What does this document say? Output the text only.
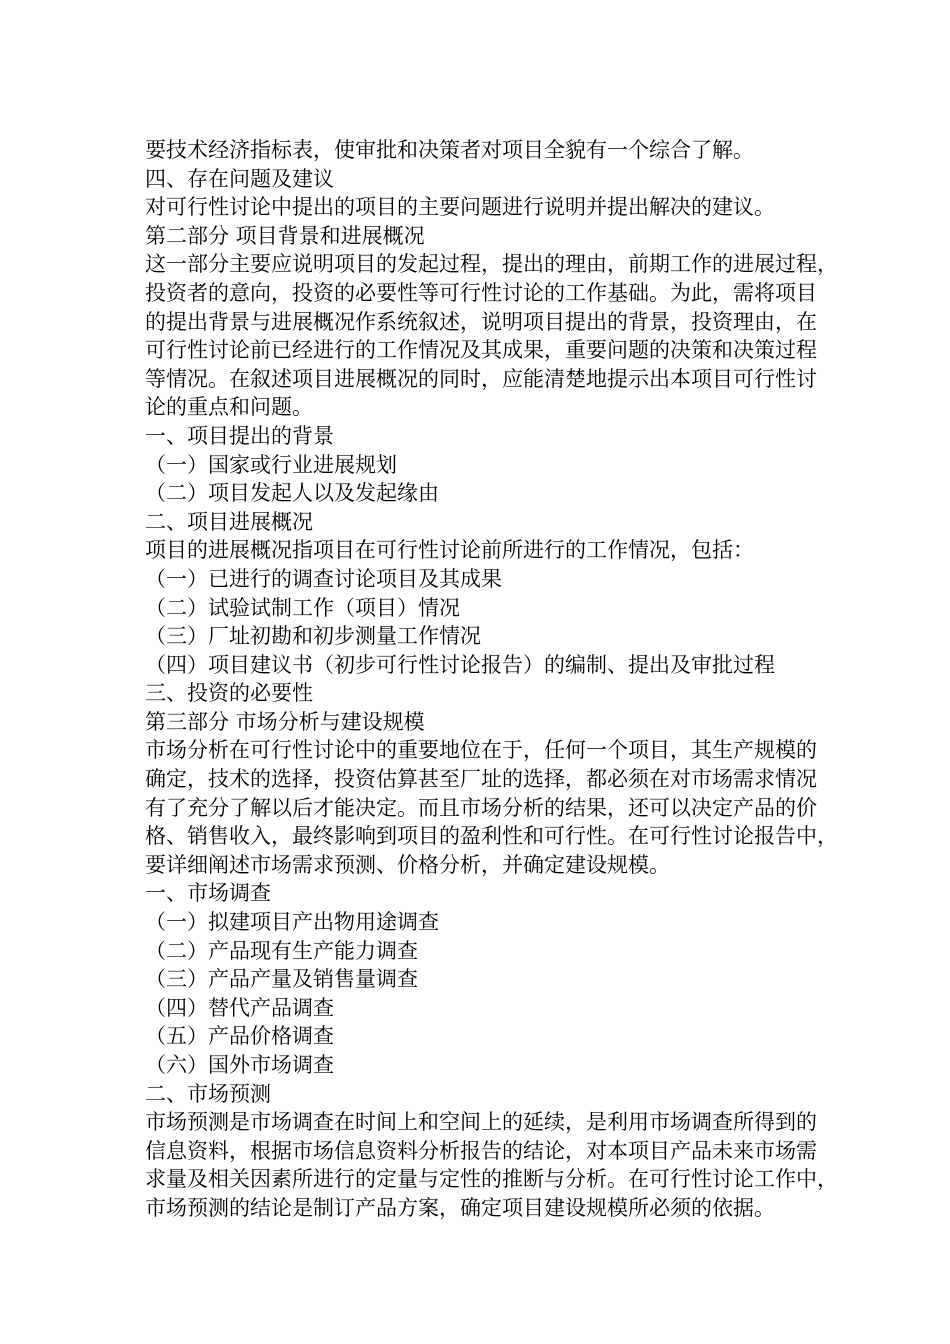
要技术经济指标表，使审批和决策者对项目全貌有一个综合了解。
四、存在问题及建议
对可行性讨论中提出的项目的主要问题进行说明并提出解决的建议。
第二部分 项目背景和进展概况
这一部分主要应说明项目的发起过程，提出的理由，前期工作的进展过程，
投资者的意向，投资的必要性等可行性讨论的工作基础。为此，需将项目
的提出背景与进展概况作系统叙述，说明项目提出的背景，投资理由，在
可行性讨论前已经进行的工作情况及其成果，重要问题的决策和决策过程
等情况。在叙述项目进展概况的同时，应能清楚地提示出本项目可行性讨
论的重点和问题。
一、项目提出的背景
（一）国家或行业进展规划
（二）项目发起人以及发起缘由
二、项目进展概况
项目的进展概况指项目在可行性讨论前所进行的工作情况，包括：
（一）已进行的调查讨论项目及其成果
（二）试验试制工作（项目）情况
（三）厂址初勘和初步测量工作情况
（四）项目建议书（初步可行性讨论报告）的编制、提出及审批过程
三、投资的必要性
第三部分 市场分析与建设规模
市场分析在可行性讨论中的重要地位在于，任何一个项目，其生产规模的
确定，技术的选择，投资估算甚至厂址的选择，都必须在对市场需求情况
有了充分了解以后才能决定。而且市场分析的结果，还可以决定产品的价
格、销售收入，最终影响到项目的盈利性和可行性。在可行性讨论报告中，
要详细阐述市场需求预测、价格分析，并确定建设规模。
一、市场调查
（一）拟建项目产出物用途调查
（二）产品现有生产能力调查
（三）产品产量及销售量调查
（四）替代产品调查
（五）产品价格调查
（六）国外市场调查
二、市场预测
市场预测是市场调查在时间上和空间上的延续，是利用市场调查所得到的
信息资料，根据市场信息资料分析报告的结论，对本项目产品未来市场需
求量及相关因素所进行的定量与定性的推断与分析。在可行性讨论工作中，
市场预测的结论是制订产品方案，确定项目建设规模所必须的依据。
